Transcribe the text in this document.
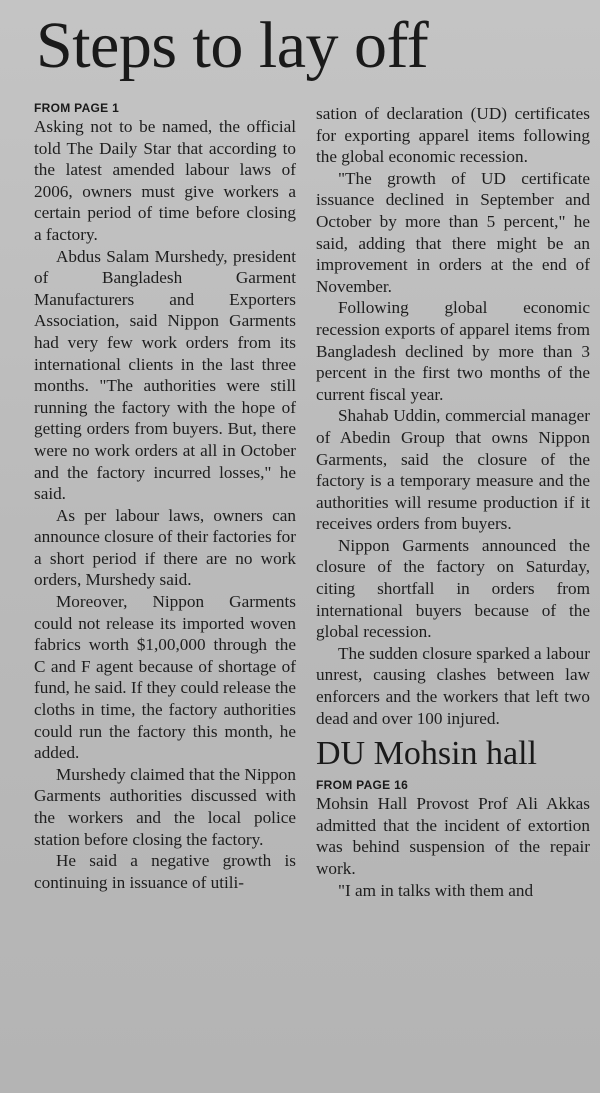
Steps to lay off
FROM PAGE 1

Asking not to be named, the official told The Daily Star that according to the latest amended labour laws of 2006, owners must give workers a certain period of time before closing a factory.

Abdus Salam Murshedy, president of Bangladesh Garment Manufacturers and Exporters Association, said Nippon Garments had very few work orders from its international clients in the last three months. "The authorities were still running the factory with the hope of getting orders from buyers. But, there were no work orders at all in October and the factory incurred losses," he said.

As per labour laws, owners can announce closure of their factories for a short period if there are no work orders, Murshedy said.

Moreover, Nippon Garments could not release its imported woven fabrics worth $1,00,000 through the C and F agent because of shortage of fund, he said. If they could release the cloths in time, the factory authorities could run the factory this month, he added.

Murshedy claimed that the Nippon Garments authorities discussed with the workers and the local police station before closing the factory.

He said a negative growth is continuing in issuance of utili-

sation of declaration (UD) certificates for exporting apparel items following the global economic recession.

"The growth of UD certificate issuance declined in September and October by more than 5 percent," he said, adding that there might be an improvement in orders at the end of November.

Following global economic recession exports of apparel items from Bangladesh declined by more than 3 percent in the first two months of the current fiscal year.

Shahab Uddin, commercial manager of Abedin Group that owns Nippon Garments, said the closure of the factory is a temporary measure and the authorities will resume production if it receives orders from buyers.

Nippon Garments announced the closure of the factory on Saturday, citing shortfall in orders from international buyers because of the global recession.

The sudden closure sparked a labour unrest, causing clashes between law enforcers and the workers that left two dead and over 100 injured.

DU Mohsin hall
FROM PAGE 16

Mohsin Hall Provost Prof Ali Akkas admitted that the incident of extortion was behind suspension of the repair work.

"I am in talks with them and
